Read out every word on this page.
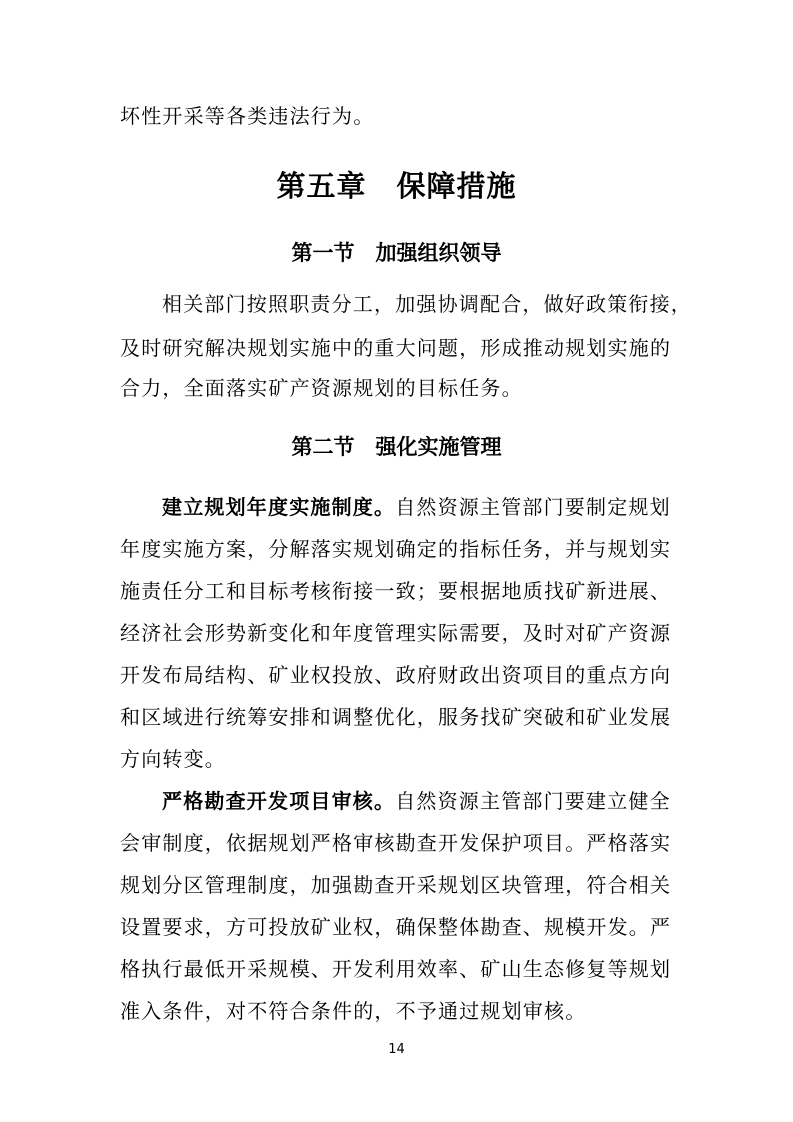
坏性开采等各类违法行为。
第五章　保障措施
第一节　加强组织领导
相关部门按照职责分工，加强协调配合，做好政策衔接，
及时研究解决规划实施中的重大问题，形成推动规划实施的
合力，全面落实矿产资源规划的目标任务。
第二节　强化实施管理
建立规划年度实施制度。自然资源主管部门要制定规划
年度实施方案，分解落实规划确定的指标任务，并与规划实
施责任分工和目标考核衔接一致；要根据地质找矿新进展、
经济社会形势新变化和年度管理实际需要，及时对矿产资源
开发布局结构、矿业权投放、政府财政出资项目的重点方向
和区域进行统筹安排和调整优化，服务找矿突破和矿业发展
方向转变。
严格勘查开发项目审核。自然资源主管部门要建立健全
会审制度，依据规划严格审核勘查开发保护项目。严格落实
规划分区管理制度，加强勘查开采规划区块管理，符合相关
设置要求，方可投放矿业权，确保整体勘查、规模开发。严
格执行最低开采规模、开发利用效率、矿山生态修复等规划
准入条件，对不符合条件的，不予通过规划审核。
14
